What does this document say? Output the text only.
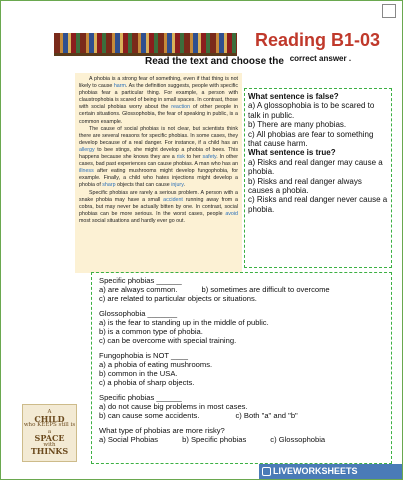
Reading B1-03
Read the text and choose the $^{correct answer .}$

A phobia is a strong fear of something, even if that thing is not likely to cause harm. As the definition suggests, people with specific phobias fear a particular thing. For example, a person with claustrophobia is scared of being in small spaces. In contrast, those with social phobias worry about the reaction of other people in certain situations. Glossophobia, the fear of speaking in public, is a common example.

The cause of social phobias is not clear, but scientists think there are several reasons for specific phobias. In some cases, they develop because of a real danger. For instance, if a child has an allergy to bee stings, she might develop a phobia of bees. This happens because she knows they are a risk to her safety. In other cases, bad past experiences can cause phobias. A man who has an illness after eating mushrooms might develop fungophobia, for example. Finally, a child who hates injections might develop a phobia of sharp objects that can cause injury.

Specific phobias are rarely a serious problem. A person with a snake phobia may have a small accident running away from a cobra, but may never be actually bitten by one. In contrast, social phobias can be more serious. In the worst cases, people avoid most social situations and hardly ever go out.

What sentence is false?
a) A glossophobia is to be scared to talk in public.
b) There are many phobias.
c) All phobias are fear to something that cause harm.
What sentence is true?
a) Risks and real danger may cause a phobia.
b) Risks and real danger always causes a phobia.
c) Risks and real danger never cause a phobia.
Specific phobias ______
a) are always common.	b) sometimes are difficult to overcome
c) are related to particular objects or situations.
Glossophobia _______
a) is the fear to standing up in the middle of public.
b) is a common type of phobia.
c) can be overcome with special training.
Fungophobia is NOT ____
a) a phobia of eating mushrooms.
b) common in the USA.
c) a phobia of sharp objects.
Specific phobias ______
a) do not cause big problems in most cases.
b) can cause some accidents.	c) Both "a" and "b"
What type of phobias are more risky?
a) Social Phobias	b) Specific phobias	c) Glossophobia
A
CHILD
who KEEPS still is a
SPACE
with
THINKS
LIVEWORKSHEETS
